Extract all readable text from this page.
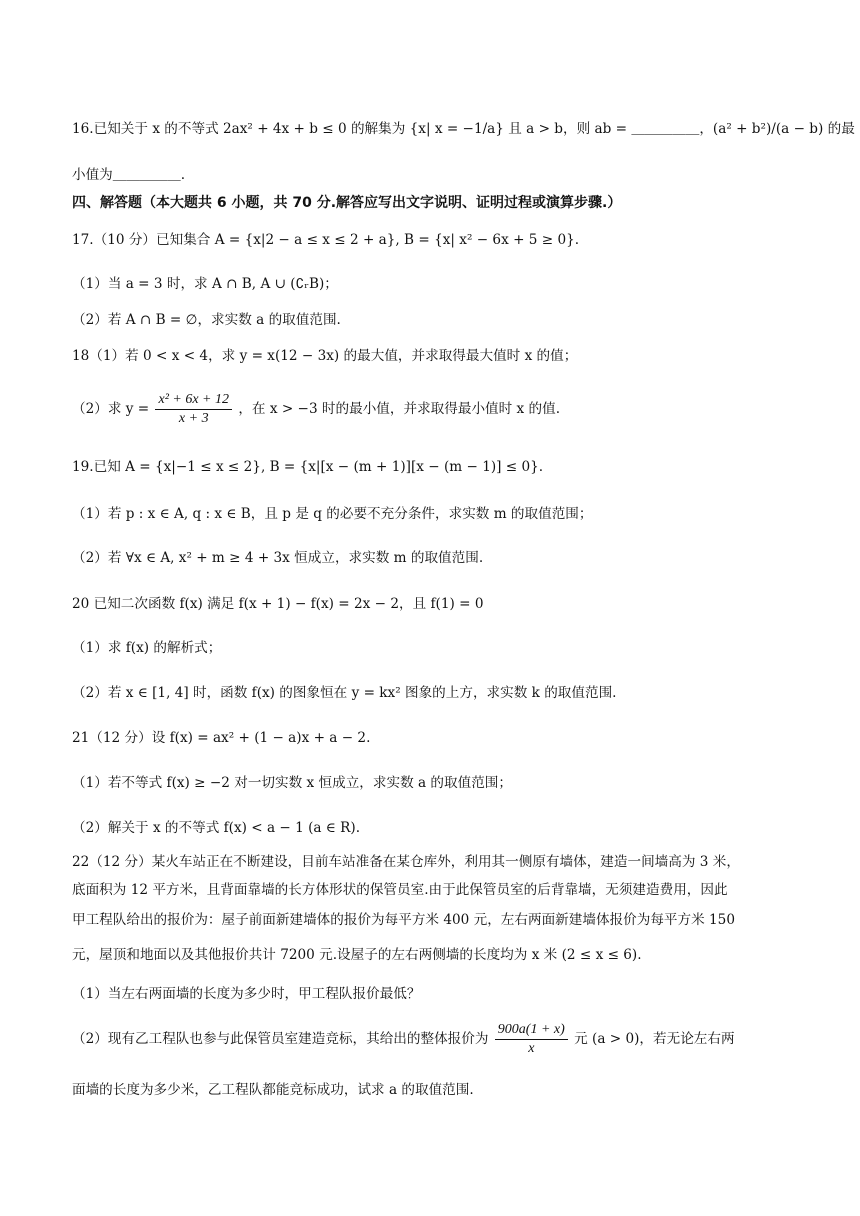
16.已知关于 x 的不等式 2ax² + 4x + b ≤ 0 的解集为 {x| x = −1/a} 且 a > b，则 ab = ＿＿＿＿＿，(a² + b²)/(a − b) 的最
小值为＿＿＿＿＿.
四、解答题（本大题共 6 小题，共 70 分.解答应写出文字说明、证明过程或演算步骤.）
17.（10 分）已知集合 A = {x|2 − a ≤ x ≤ 2 + a}, B = {x| x² − 6x + 5 ≥ 0}.
（1）当 a = 3 时，求 A ∩ B, A ∪ (∁ᵣB)；
（2）若 A ∩ B = ∅，求实数 a 的取值范围.
18（1）若 0 < x < 4，求 y = x(12 − 3x) 的最大值，并求取得最大值时 x 的值；
（2）求 $y = \frac{\text{x² + 6x + 12}}{x + 3}$ ，在 x > −3 时的最小值，并求取得最小值时 x 的值.
19.已知 A = {x|−1 ≤ x ≤ 2}, B = {x|[x − (m + 1)][x − (m − 1)] ≤ 0}.
（1）若 p : x ∈ A, q : x ∈ B，且 p 是 q 的必要不充分条件，求实数 m 的取值范围；
（2）若 ∀x ∈ A, x² + m ≥ 4 + 3x 恒成立，求实数 m 的取值范围.
20 已知二次函数 f(x) 满足 f(x + 1) − f(x) = 2x − 2，且 f(1) = 0
（1）求 f(x) 的解析式；
（2）若 x ∈ [1, 4] 时，函数 f(x) 的图象恒在 y = kx² 图象的上方，求实数 k 的取值范围.
21（12 分）设 f(x) = ax² + (1 − a)x + a − 2.
（1）若不等式 f(x) ≥ −2 对一切实数 x 恒成立，求实数 a 的取值范围；
（2）解关于 x 的不等式 f(x) < a − 1 (a ∈ R).
22（12 分）某火车站正在不断建设，目前车站准备在某仓库外，利用其一侧原有墙体，建造一间墙高为 3 米，
底面积为 12 平方米，且背面靠墙的长方体形状的保管员室.由于此保管员室的后背靠墙，无须建造费用，因此
甲工程队给出的报价为：屋子前面新建墙体的报价为每平方米 400 元，左右两面新建墙体报价为每平方米 150
元，屋顶和地面以及其他报价共计 7200 元.设屋子的左右两侧墙的长度均为 x 米 (2 ≤ x ≤ 6).
（1）当左右两面墙的长度为多少时，甲工程队报价最低？
（2）现有乙工程队也参与此保管员室建造竞标，其给出的整体报价为 $\frac{900a(1 + x)}{x}$ 元 (a > 0)，若无论左右两
面墙的长度为多少米，乙工程队都能竞标成功，试求 a 的取值范围.
